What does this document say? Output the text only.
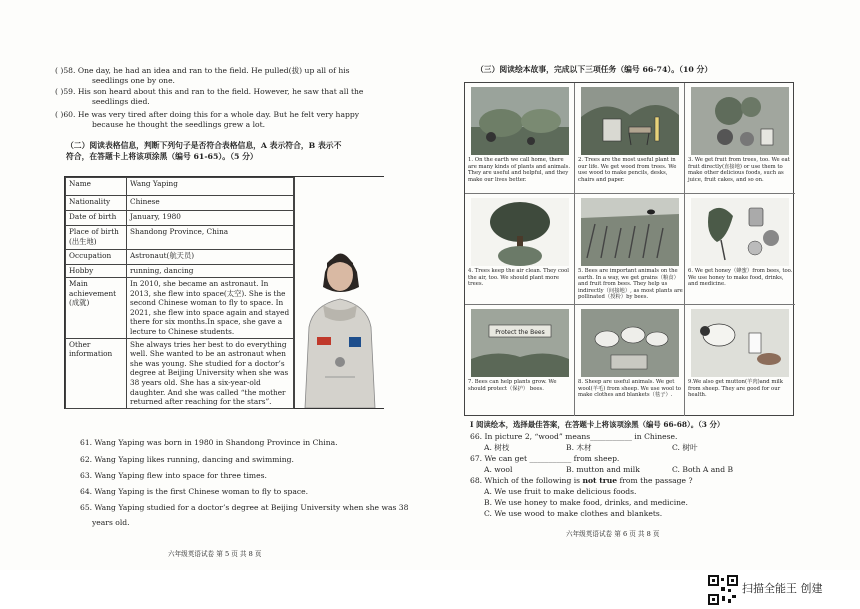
( )58. One day, he had an idea and ran to the field. He pulled(拔) up all of his
seedlings one by one.
( )59. His son heard about this and ran to the field. However, he saw that all the
seedlings died.
( )60. He was very tired after doing this for a whole day. But he felt very happy
because he thought the seedlings grew a lot.
（二）阅读表格信息，判断下列句子是否符合表格信息，A 表示符合，B 表示不
符合，在答题卡上将该项涂黑（编号 61-65）。（5 分）
Name	Wang Yaping
Nationality	Chinese
Date of birth	January, 1980
Place of birth (出生地)	Shandong Province, China
Occupation	Astronaut(航天员)
Hobby	running, dancing
Main achievement (成就)	In 2010, she became an astronaut. In 2013, she flew into space(太空). She is the second Chinese woman to fly to space. In 2021, she flew into space again and stayed there for six months.In space, she gave a lecture to Chinese students.
Other information	She always tries her best to do everything well. She wanted to be an astronaut when she was young. She studied for a doctor’s degree at Beijing University when she was 38 years old. She has a six-year-old daughter. And she was called “the mother returned after reaching for the stars”.
61. Wang Yaping was born in 1980 in Shandong Province in China.
62. Wang Yaping likes running, dancing and swimming.
63. Wang Yaping flew into space for three times.
64. Wang Yaping is the first Chinese woman to fly to space.
65. Wang Yaping studied for a doctor’s degree at Beijing University when she was 38
years old.
六年级英语试卷 第 5 页 共 8 页
（三）阅读绘本故事，完成以下三项任务（编号 66-74）。（10 分）
1. On the earth we call home, there are many kinds of plants and animals. They are useful and helpful, and they make our lives better.
2. Trees are the most useful plant in our life. We get wood from trees. We use wood to make pencils, desks, chairs and paper.
3. We get fruit from trees, too. We eat fruit directly(直接地) or use them to make other delicious foods, such as juice, fruit cakes, and so on.
4. Trees keep the air clean. They cool the air, too. We should plant more trees.
5. Bees are important animals on the earth. In a way, we get grains（粮食）and fruit from bees. They help us indirectly（间接地）, as most plants are pollinated（授粉）by bees.
6. We get honey（蜂蜜）from bees, too. We use honey to make food, drinks, and medicine.
Protect the Bees
7. Bees can help plants grow. We should protect（保护） bees.
8. Sheep are useful animals. We get wool(羊毛) from sheep. We use wool to make clothes and blankets（毯子）.
9.We also get mutton(羊肉)and milk from sheep. They are good for our health.
Ⅰ 阅读绘本，选择最佳答案，在答题卡上将该项涂黑（编号 66-68）。（3 分）
66. In picture 2, “wood” means___________ in Chinese.
A. 树枝	B. 木材	C. 树叶
67. We can get ___________ from sheep.
A. wool	B. mutton and milk	C. Both A and B
68. Which of the following is not true from the passage ?
A. We use fruit to make delicious foods.
B. We use honey to make food, drinks, and medicine.
C. We use wood to make clothes and blankets.
六年级英语试卷 第 6 页 共 8 页
扫描全能王 创建
